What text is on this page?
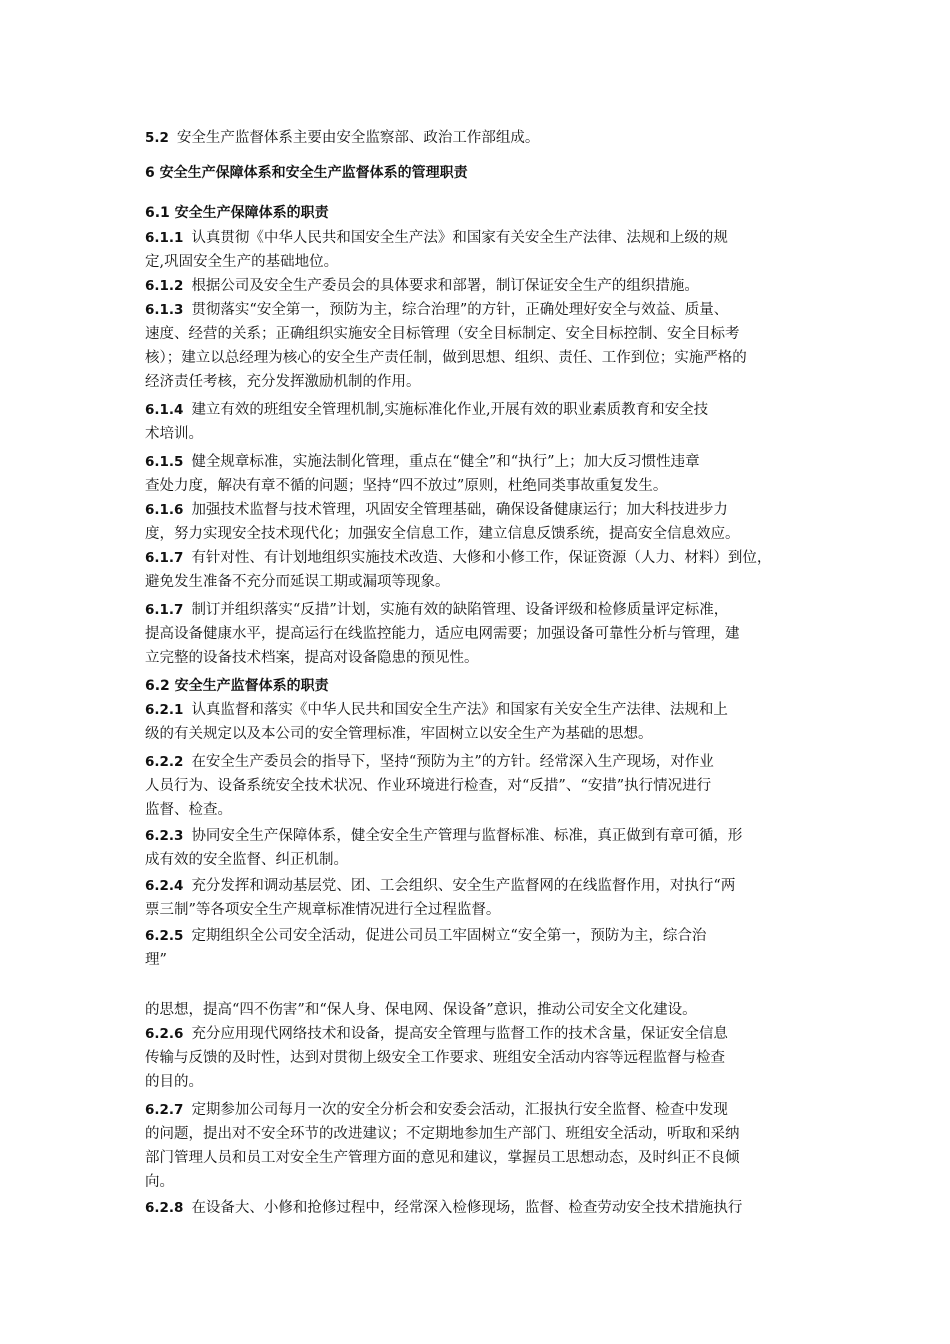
5.2 安全生产监督体系主要由安全监察部、政治工作部组成。
6 安全生产保障体系和安全生产监督体系的管理职责
6.1 安全生产保障体系的职责
6.1.1 认真贯彻《中华人民共和国安全生产法》和国家有关安全生产法律、法规和上级的规
定,巩固安全生产的基础地位。
6.1.2 根据公司及安全生产委员会的具体要求和部署，制订保证安全生产的组织措施。
6.1.3 贯彻落实“安全第一，预防为主，综合治理”的方针，正确处理好安全与效益、质量、
速度、经营的关系；正确组织实施安全目标管理（安全目标制定、安全目标控制、安全目标考
核）；建立以总经理为核心的安全生产责任制，做到思想、组织、责任、工作到位；实施严格的
经济责任考核，充分发挥激励机制的作用。
6.1.4 建立有效的班组安全管理机制,实施标准化作业,开展有效的职业素质教育和安全技
术培训。
6.1.5 健全规章标准，实施法制化管理，重点在“健全”和“执行”上；加大反习惯性违章
查处力度，解决有章不循的问题；坚持“四不放过”原则，杜绝同类事故重复发生。
6.1.6 加强技术监督与技术管理，巩固安全管理基础，确保设备健康运行；加大科技进步力
度，努力实现安全技术现代化；加强安全信息工作，建立信息反馈系统，提高安全信息效应。
6.1.7 有针对性、有计划地组织实施技术改造、大修和小修工作，保证资源（人力、材料）到位，
避免发生准备不充分而延误工期或漏项等现象。
6.1.7 制订并组织落实“反措”计划，实施有效的缺陷管理、设备评级和检修质量评定标准，
提高设备健康水平，提高运行在线监控能力，适应电网需要；加强设备可靠性分析与管理，建
立完整的设备技术档案，提高对设备隐患的预见性。
6.2 安全生产监督体系的职责
6.2.1 认真监督和落实《中华人民共和国安全生产法》和国家有关安全生产法律、法规和上
级的有关规定以及本公司的安全管理标准，牢固树立以安全生产为基础的思想。
6.2.2 在安全生产委员会的指导下，坚持“预防为主”的方针。经常深入生产现场，对作业
人员行为、设备系统安全技术状况、作业环境进行检查，对“反措”、“安措”执行情况进行
监督、检查。
6.2.3 协同安全生产保障体系，健全安全生产管理与监督标准、标准，真正做到有章可循，形
成有效的安全监督、纠正机制。
6.2.4 充分发挥和调动基层党、团、工会组织、安全生产监督网的在线监督作用，对执行“两
票三制”等各项安全生产规章标准情况进行全过程监督。
6.2.5 定期组织全公司安全活动，促进公司员工牢固树立“安全第一，预防为主，综合治
理”
的思想，提高“四不伤害”和“保人身、保电网、保设备”意识，推动公司安全文化建设。
6.2.6 充分应用现代网络技术和设备，提高安全管理与监督工作的技术含量，保证安全信息
传输与反馈的及时性，达到对贯彻上级安全工作要求、班组安全活动内容等远程监督与检查
的目的。
6.2.7 定期参加公司每月一次的安全分析会和安委会活动，汇报执行安全监督、检查中发现
的问题，提出对不安全环节的改进建议；不定期地参加生产部门、班组安全活动，听取和采纳
部门管理人员和员工对安全生产管理方面的意见和建议，掌握员工思想动态，及时纠正不良倾
向。
6.2.8 在设备大、小修和抢修过程中，经常深入检修现场，监督、检查劳动安全技术措施执行
